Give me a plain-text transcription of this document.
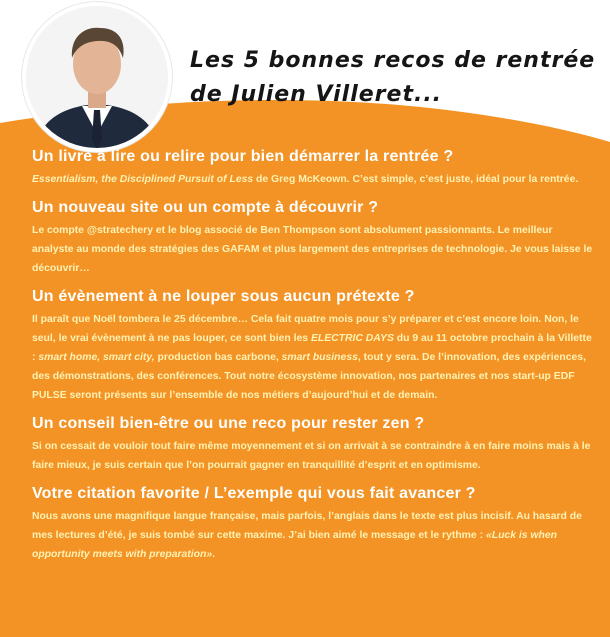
Les 5 bonnes recos de rentrée
de Julien Villeret...
Un livre à lire ou relire pour bien démarrer la rentrée ?
Essentialism, the Disciplined Pursuit of Less de Greg McKeown. C’est simple, c’est juste, idéal pour la rentrée.
Un nouveau site ou un compte à découvrir ?
Le compte @stratechery et le blog associé de Ben Thompson sont absolument passionnants. Le meilleur analyste au monde des stratégies des GAFAM et plus largement des entreprises de technologie. Je vous laisse le découvrir…
Un évènement à ne louper sous aucun prétexte ?
Il paraît que Noël tombera le 25 décembre… Cela fait quatre mois pour s’y préparer et c’est encore loin. Non, le seul, le vrai évènement à ne pas louper, ce sont bien les ELECTRIC DAYS du 9 au 11 octobre prochain à la Villette : smart home, smart city, production bas carbone, smart business, tout y sera. De l’innovation, des expériences, des démonstrations, des conférences. Tout notre écosystème innovation, nos partenaires et nos start-up EDF PULSE seront présents sur l’ensemble de nos métiers d’aujourd’hui et de demain.
Un conseil bien-être ou une reco pour rester zen ?
Si on cessait de vouloir tout faire même moyennement et si on arrivait à se contraindre à en faire moins mais à le faire mieux, je suis certain que l’on pourrait gagner en tranquillité d’esprit et en optimisme.
Votre citation favorite / L’exemple qui vous fait avancer ?
Nous avons une magnifique langue française, mais parfois, l’anglais dans le texte est plus incisif. Au hasard de mes lectures d’été, je suis tombé sur cette maxime. J’ai bien aimé le message et le rythme : «Luck is when opportunity meets with preparation».
